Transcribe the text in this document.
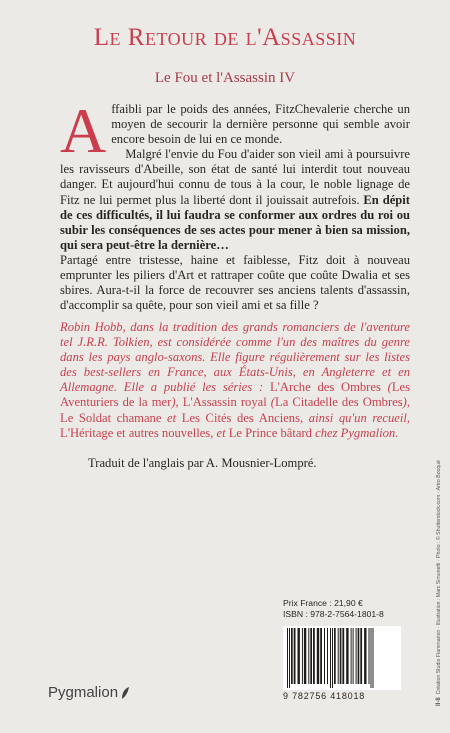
Le Retour de l'Assassin
Le Fou et l'Assassin IV

Affaibli par le poids des années, FitzChevalerie cherche un moyen de secourir la dernière personne qui semble avoir encore besoin de lui en ce monde.

Malgré l'envie du Fou d'aider son vieil ami à poursuivre les ravisseurs d'Abeille, son état de santé lui interdit tout nouveau danger. Et aujourd'hui connu de tous à la cour, le noble lignage de Fitz ne lui permet plus la liberté dont il jouissait autrefois. En dépit de ces difficultés, il lui faudra se conformer aux ordres du roi ou subir les conséquences de ses actes pour mener à bien sa mission, qui sera peut-être la dernière…

Partagé entre tristesse, haine et faiblesse, Fitz doit à nouveau emprunter les piliers d'Art et rattraper coûte que coûte Dwalia et ses sbires. Aura-t-il la force de recouvrer ses anciens talents d'assassin, d'accomplir sa quête, pour son vieil ami et sa fille ?

Robin Hobb, dans la tradition des grands romanciers de l'aventure tel J.R.R. Tolkien, est considérée comme l'un des maîtres du genre dans les pays anglo-saxons. Elle figure régulièrement sur les listes des best-sellers en France, aux États-Unis, en Angleterre et en Allemagne. Elle a publié les séries : L'Arche des Ombres (Les Aventuriers de la mer), L'Assassin royal (La Citadelle des Ombres), Le Soldat chamane et Les Cités des Anciens, ainsi qu'un recueil, L'Héritage et autres nouvelles, et Le Prince bâtard chez Pygmalion.
Traduit de l'anglais par A. Mousnier-Lompré.
Prix France : 21,90 €
ISBN : 978-2-7564-1801-8
9 782756 418018
Pygmalion
II-8Création Studio Flammarion · Illustration : Marc Simonetti · Photo : © Shutterstock.com · Artro Bocqué
